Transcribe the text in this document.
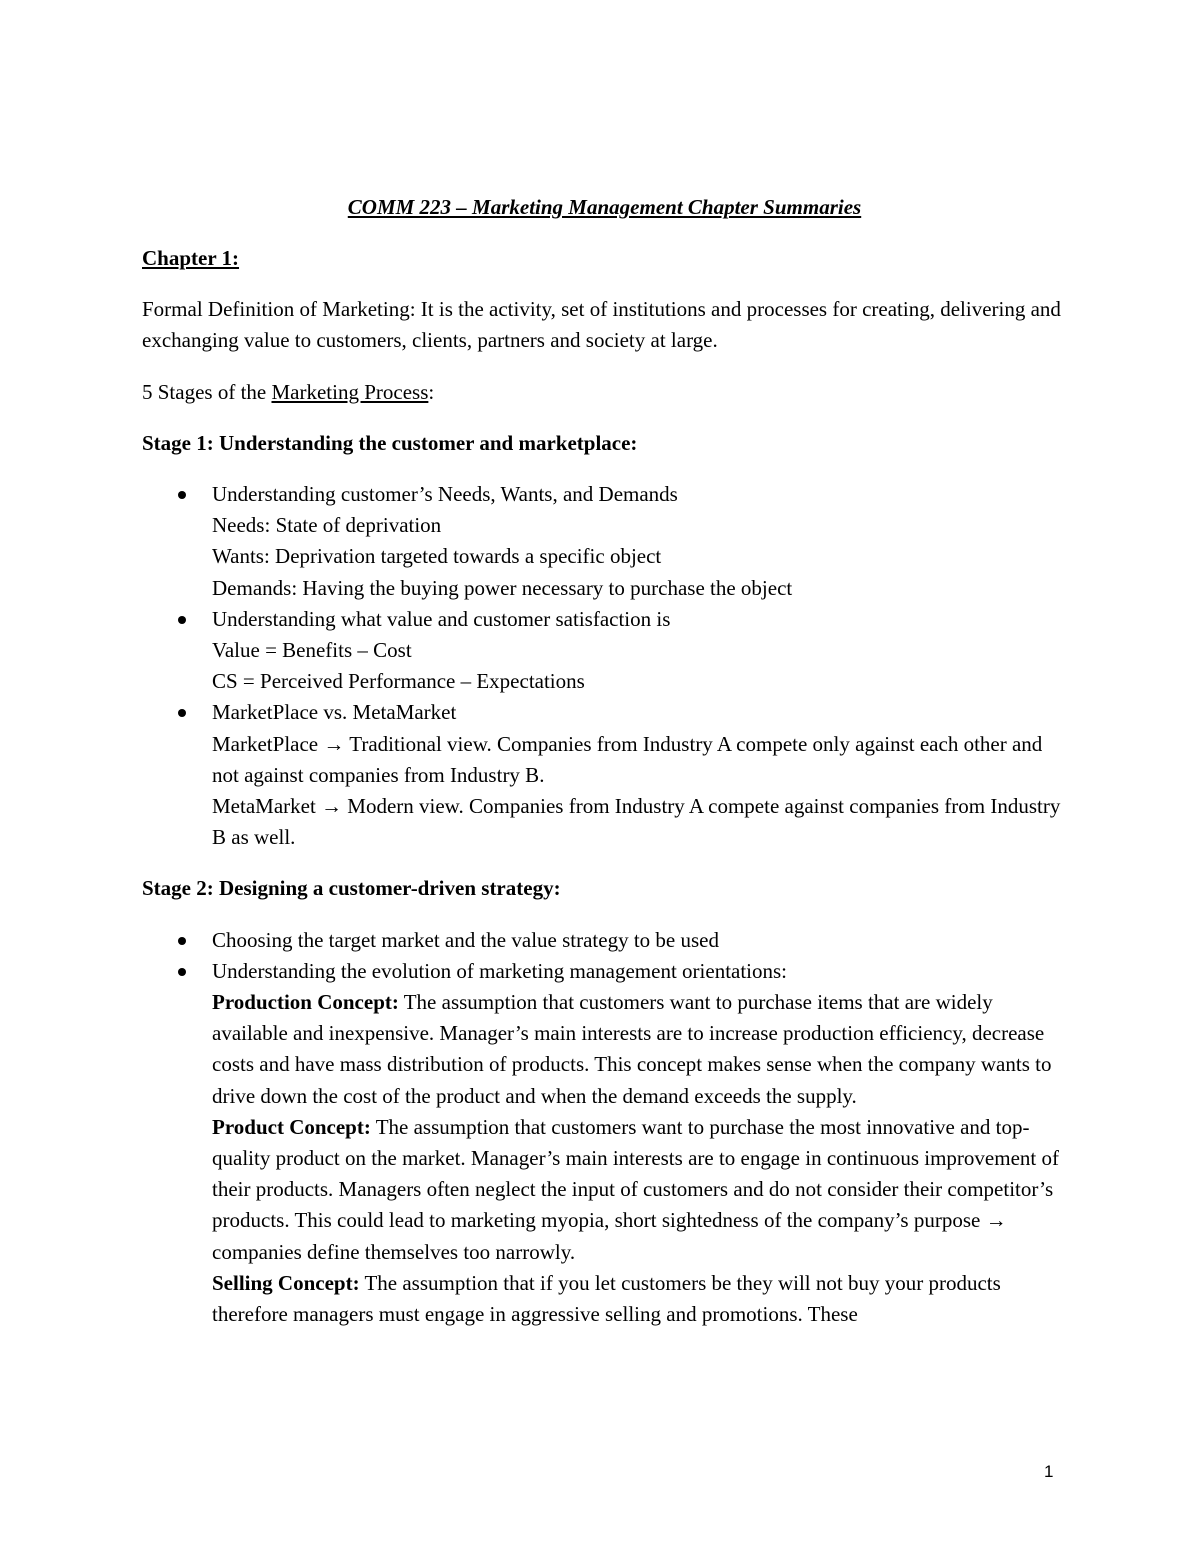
COMM 223 – Marketing Management Chapter Summaries
Chapter 1:

Formal Definition of Marketing: It is the activity, set of institutions and processes for creating, delivering and exchanging value to customers, clients, partners and society at large.

5 Stages of the Marketing Process:

Stage 1: Understanding the customer and marketplace:
Understanding customer’s Needs, Wants, and Demands
Needs: State of deprivation
Wants: Deprivation targeted towards a specific object
Demands: Having the buying power necessary to purchase the object
Understanding what value and customer satisfaction is
Value = Benefits – Cost
CS = Perceived Performance – Expectations
MarketPlace vs. MetaMarket
MarketPlace → Traditional view. Companies from Industry A compete only against each other and not against companies from Industry B.
MetaMarket → Modern view. Companies from Industry A compete against companies from Industry B as well.
Stage 2: Designing a customer-driven strategy:
Choosing the target market and the value strategy to be used
Understanding the evolution of marketing management orientations:
Production Concept: The assumption that customers want to purchase items that are widely available and inexpensive. Manager’s main interests are to increase production efficiency, decrease costs and have mass distribution of products. This concept makes sense when the company wants to drive down the cost of the product and when the demand exceeds the supply.
Product Concept: The assumption that customers want to purchase the most innovative and top-quality product on the market. Manager’s main interests are to engage in continuous improvement of their products. Managers often neglect the input of customers and do not consider their competitor’s products. This could lead to marketing myopia, short sightedness of the company’s purpose → companies define themselves too narrowly.
Selling Concept: The assumption that if you let customers be they will not buy your products therefore managers must engage in aggressive selling and promotions. These
1
